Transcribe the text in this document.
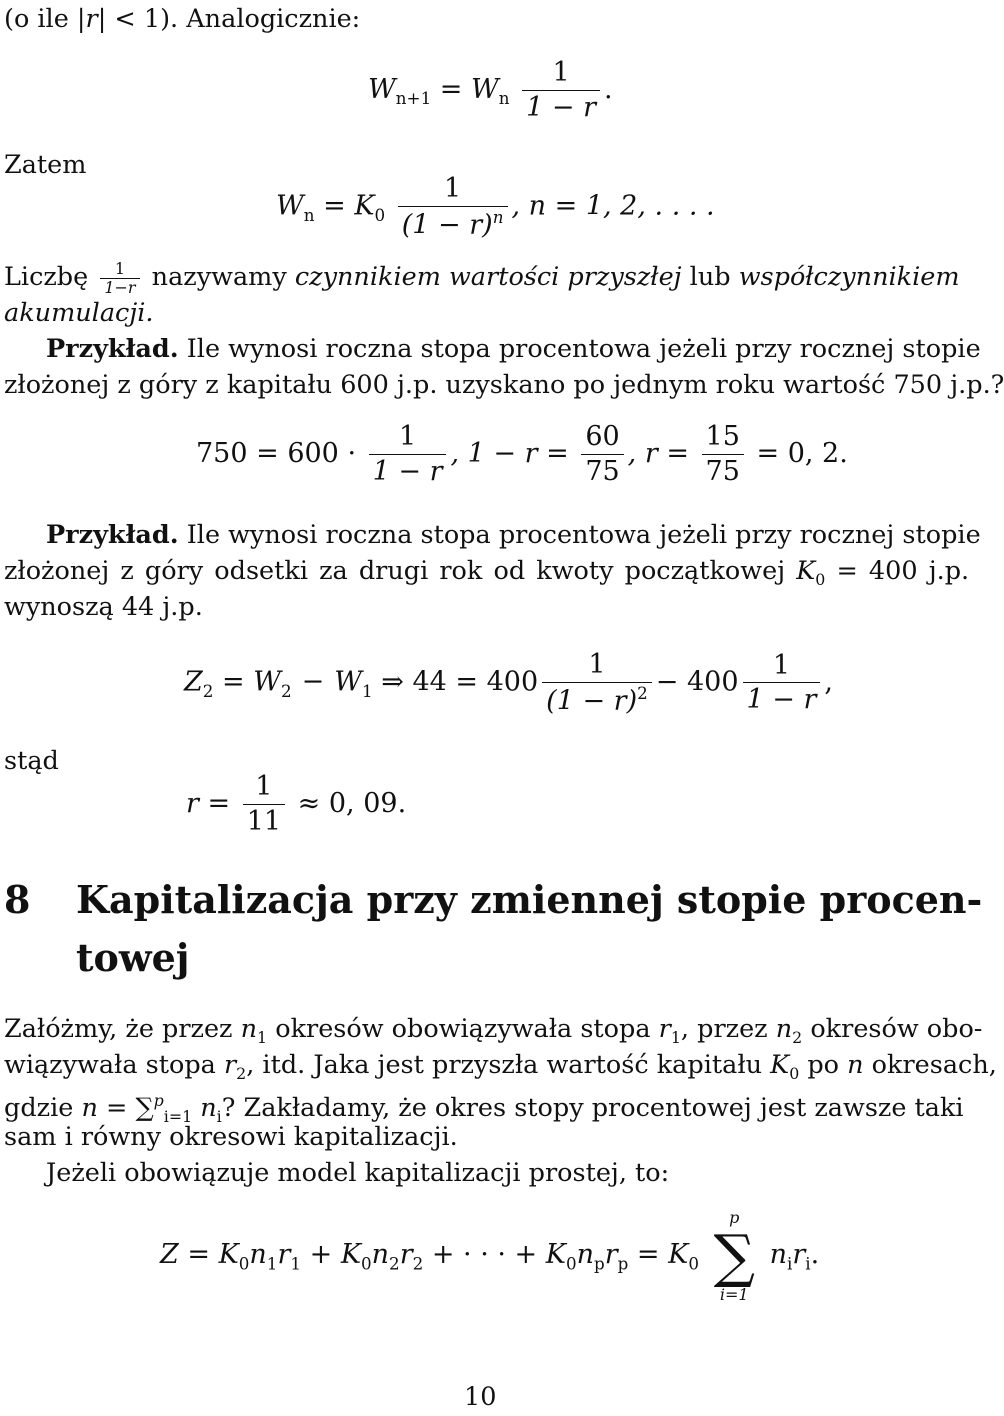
(o ile |r| < 1). Analogicznie:
$W_{n+1} = W_n \frac{1}{1 - r}$ .
Zatem
$W_n = K_0 \frac{1}{(1 - r)^n}$ , n = 1, 2, . . . .
Liczbę $\frac{1}{1-r}$ nazywamy czynnikiem wartości przyszłej lub współczynnikiem
akumulacji.
Przykład. Ile wynosi roczna stopa procentowa jeżeli przy rocznej stopie
złożonej z góry z kapitału 600 j.p. uzyskano po jednym roku wartość 750 j.p.?
$750 = 600 \cdot \frac{1}{1 - r}$ , $1 - r = \frac{60}{75}$ , $r = \frac{15}{75} = 0$, 2.
Przykład. Ile wynosi roczna stopa procentowa jeżeli przy rocznej stopie
złożonej z góry odsetki za drugi rok od kwoty początkowej $K_0 = 400$ j.p.
wynoszą 44 j.p.
$Z_2 = W_2 - W_1$ ⇒ $44 = 400 \frac{1}{(1 - r)^2} - 400 \frac{1}{1 - r}$ ,
stąd
$r = \frac{1}{11} \approx 0$, 09.
8 Kapitalizacja przy zmiennej stopie procen-
towej
Załóżmy, że przez $n_1$ okresów obowiązywała stopa $r_1$, przez $n_2$ okresów obo-
wiązywała stopa $r_2$, itd. Jaka jest przyszła wartość kapitału $K_0$ po n okresach,
gdzie n = ∑$^p_{i=1}$ $n_i$? Zakładamy, że okres stopy procentowej jest zawsze taki
sam i równy okresowi kapitalizacji.
Jeżeli obowiązuje model kapitalizacji prostej, to:
$Z = K_0n_1r_1 + K_0n_2r_2$ + · · · + $K_0n_pr_p = K_0$
p
∑
i=1
$n_ir_i$.
10
